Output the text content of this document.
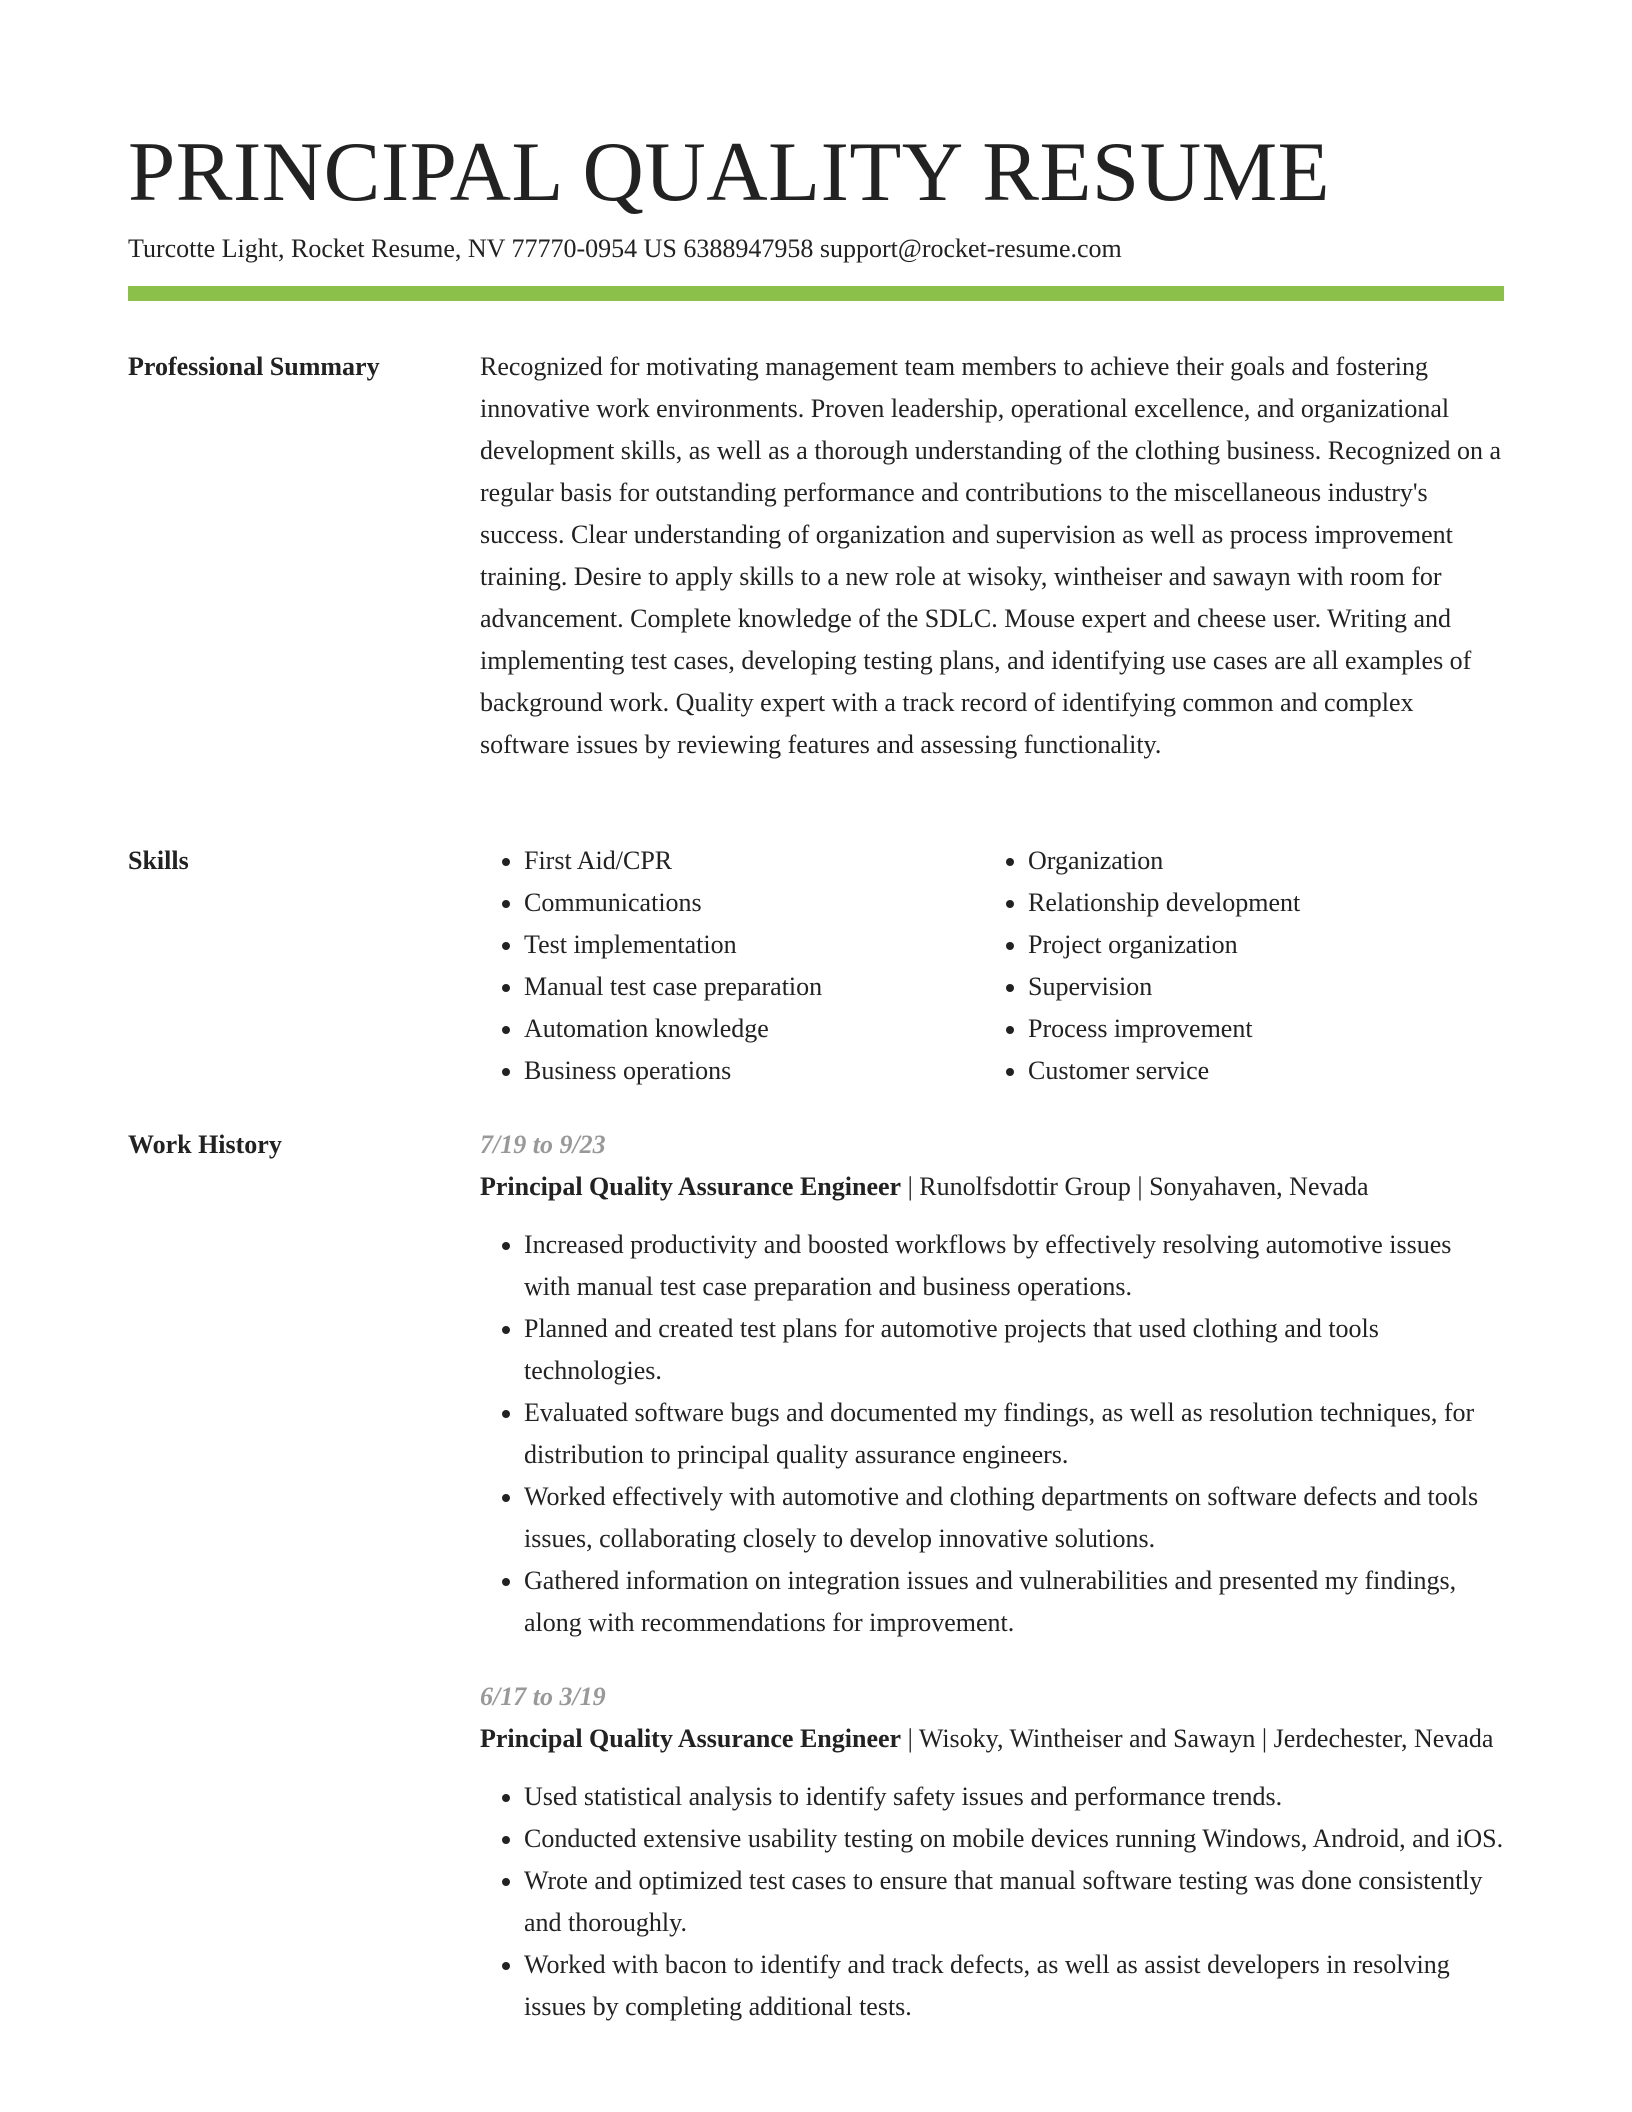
PRINCIPAL QUALITY RESUME
Turcotte Light, Rocket Resume, NV 77770-0954 US 6388947958 support@rocket-resume.com
Professional Summary	Recognized for motivating management team members to achieve their goals and fostering innovative work environments. Proven leadership, operational excellence, and organizational development skills, as well as a thorough understanding of the clothing business. Recognized on a regular basis for outstanding performance and contributions to the miscellaneous industry's success. Clear understanding of organization and supervision as well as process improvement training. Desire to apply skills to a new role at wisoky, wintheiser and sawayn with room for advancement. Complete knowledge of the SDLC. Mouse expert and cheese user. Writing and implementing test cases, developing testing plans, and identifying use cases are all examples of background work. Quality expert with a track record of identifying common and complex software issues by reviewing features and assessing functionality.

Skills
•	First Aid/CPR
• Communications
• Test implementation
• Manual test case preparation
• Automation knowledge
• Business operations
• Organization
• Relationship development
• Project organization
• Supervision
• Process improvement
• Customer service
Work History	7/19 to 9/23

Principal Quality Assurance Engineer | Runolfsdottir Group | Sonyahaven, Nevada

• Increased productivity and boosted workflows by effectively resolving automotive issues with manual test case preparation and business operations.
• Planned and created test plans for automotive projects that used clothing and tools technologies.
• Evaluated software bugs and documented my findings, as well as resolution techniques, for distribution to principal quality assurance engineers.
• Worked effectively with automotive and clothing departments on software defects and tools issues, collaborating closely to develop innovative solutions.
• Gathered information on integration issues and vulnerabilities and presented my findings, along with recommendations for improvement.

6/17 to 3/19

Principal Quality Assurance Engineer | Wisoky, Wintheiser and Sawayn | Jerdechester, Nevada

• Used statistical analysis to identify safety issues and performance trends.
• Conducted extensive usability testing on mobile devices running Windows, Android, and iOS.
• Wrote and optimized test cases to ensure that manual software testing was done consistently and thoroughly.
• Worked with bacon to identify and track defects, as well as assist developers in resolving issues by completing additional tests.
